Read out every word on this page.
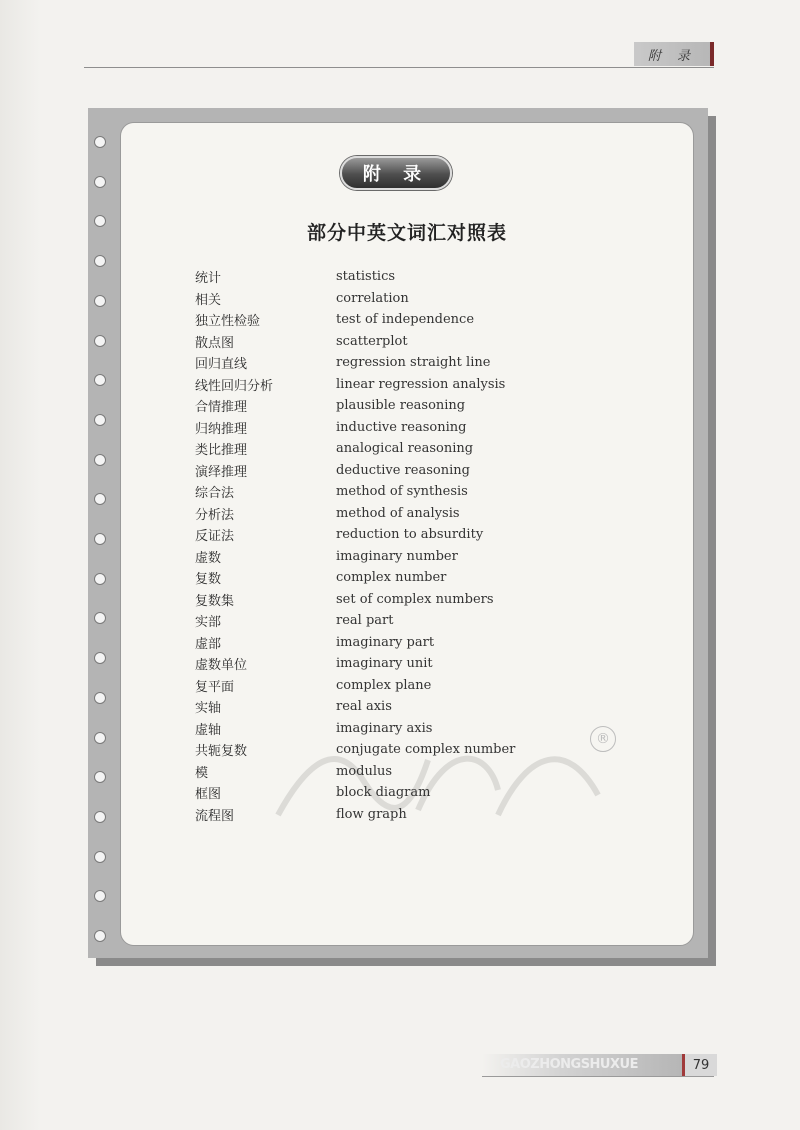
附 录
附 录
部分中英文词汇对照表
®
统计	statistics
相关	correlation
独立性检验	test of independence
散点图	scatterplot
回归直线	regression straight line
线性回归分析	linear regression analysis
合情推理	plausible reasoning
归纳推理	inductive reasoning
类比推理	analogical reasoning
演绎推理	deductive reasoning
综合法	method of synthesis
分析法	method of analysis
反证法	reduction to absurdity
虚数	imaginary number
复数	complex number
复数集	set of complex numbers
实部	real part
虚部	imaginary part
虚数单位	imaginary unit
复平面	complex plane
实轴	real axis
虚轴	imaginary axis
共轭复数	conjugate complex number
模	modulus
框图	block diagram
流程图	flow graph
GAOZHONGSHUXUE	79
